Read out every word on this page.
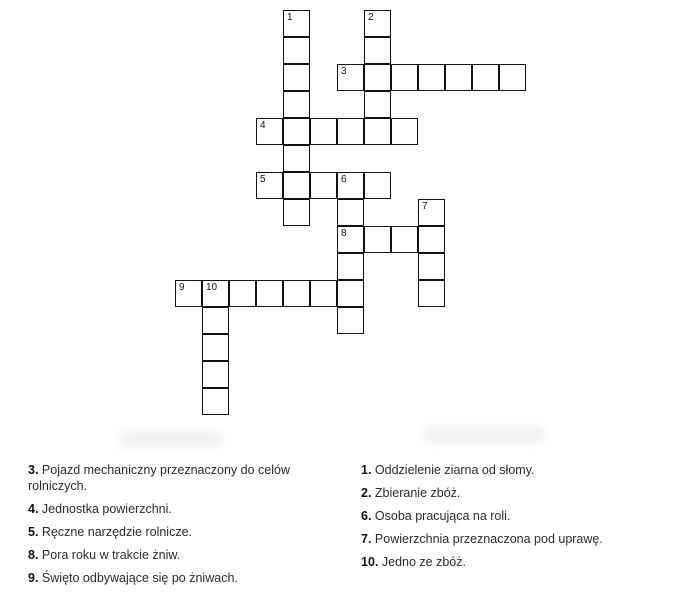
1	2
3
4
5	6
8
7
9 10
3. Pojazd mechaniczny przeznaczony do celów rolniczych.
4. Jednostka powierzchni.
5. Ręczne narzędzie rolnicze.
8. Pora roku w trakcie żniw.
9. Święto odbywające się po żniwach.
1. Oddzielenie ziarna od słomy.
2. Zbieranie zbóż.
6. Osoba pracująca na roli.
7. Powierzchnia przeznaczona pod uprawę.
10. Jedno ze zbóż.
